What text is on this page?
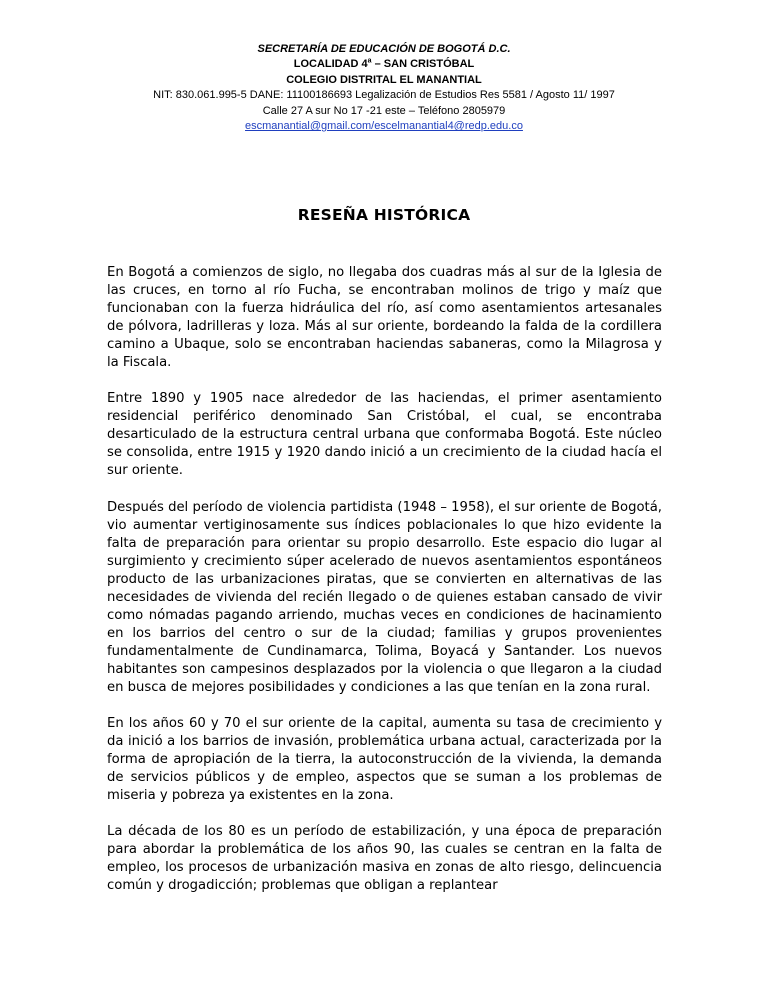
SECRETARÍA DE EDUCACIÓN DE BOGOTÁ D.C.
LOCALIDAD 4$^a$ – SAN CRISTÓBAL
COLEGIO DISTRITAL EL MANANTIAL
NIT: 830.061.995-5 DANE: 11100186693 Legalización de Estudios Res 5581 / Agosto 11/ 1997
Calle 27 A sur No 17 -21 este – Teléfono 2805979
escmanantial@gmail.com/escelmanantial4@redp.edu.co
RESEÑA HISTÓRICA

En Bogotá a comienzos de siglo, no llegaba dos cuadras más al sur de la Iglesia de las cruces, en torno al río Fucha, se encontraban molinos de trigo y maíz que funcionaban con la fuerza hidráulica del río, así como asentamientos artesanales de pólvora, ladrilleras y loza. Más al sur oriente, bordeando la falda de la cordillera camino a Ubaque, solo se encontraban haciendas sabaneras, como la Milagrosa y la Fiscala.

Entre 1890 y 1905 nace alrededor de las haciendas, el primer asentamiento residencial periférico denominado San Cristóbal, el cual, se encontraba desarticulado de la estructura central urbana que conformaba Bogotá. Este núcleo se consolida, entre 1915 y 1920 dando inició a un crecimiento de la ciudad hacía el sur oriente.

Después del período de violencia partidista (1948 – 1958), el sur oriente de Bogotá, vio aumentar vertiginosamente sus índices poblacionales lo que hizo evidente la falta de preparación para orientar su propio desarrollo. Este espacio dio lugar al surgimiento y crecimiento súper acelerado de nuevos asentamientos espontáneos producto de las urbanizaciones piratas, que se convierten en alternativas de las necesidades de vivienda del recién llegado o de quienes estaban cansado de vivir como nómadas pagando arriendo, muchas veces en condiciones de hacinamiento en los barrios del centro o sur de la ciudad; familias y grupos provenientes fundamentalmente de Cundinamarca, Tolima, Boyacá y Santander. Los nuevos habitantes son campesinos desplazados por la violencia o que llegaron a la ciudad en busca de mejores posibilidades y condiciones a las que tenían en la zona rural.

En los años 60 y 70 el sur oriente de la capital, aumenta su tasa de crecimiento y da inició a los barrios de invasión, problemática urbana actual, caracterizada por la forma de apropiación de la tierra, la autoconstrucción de la vivienda, la demanda de servicios públicos y de empleo, aspectos que se suman a los problemas de miseria y pobreza ya existentes en la zona.

La década de los 80 es un período de estabilización, y una época de preparación para abordar la problemática de los años 90, las cuales se centran en la falta de empleo, los procesos de urbanización masiva en zonas de alto riesgo, delincuencia común y drogadicción; problemas que obligan a replantear
